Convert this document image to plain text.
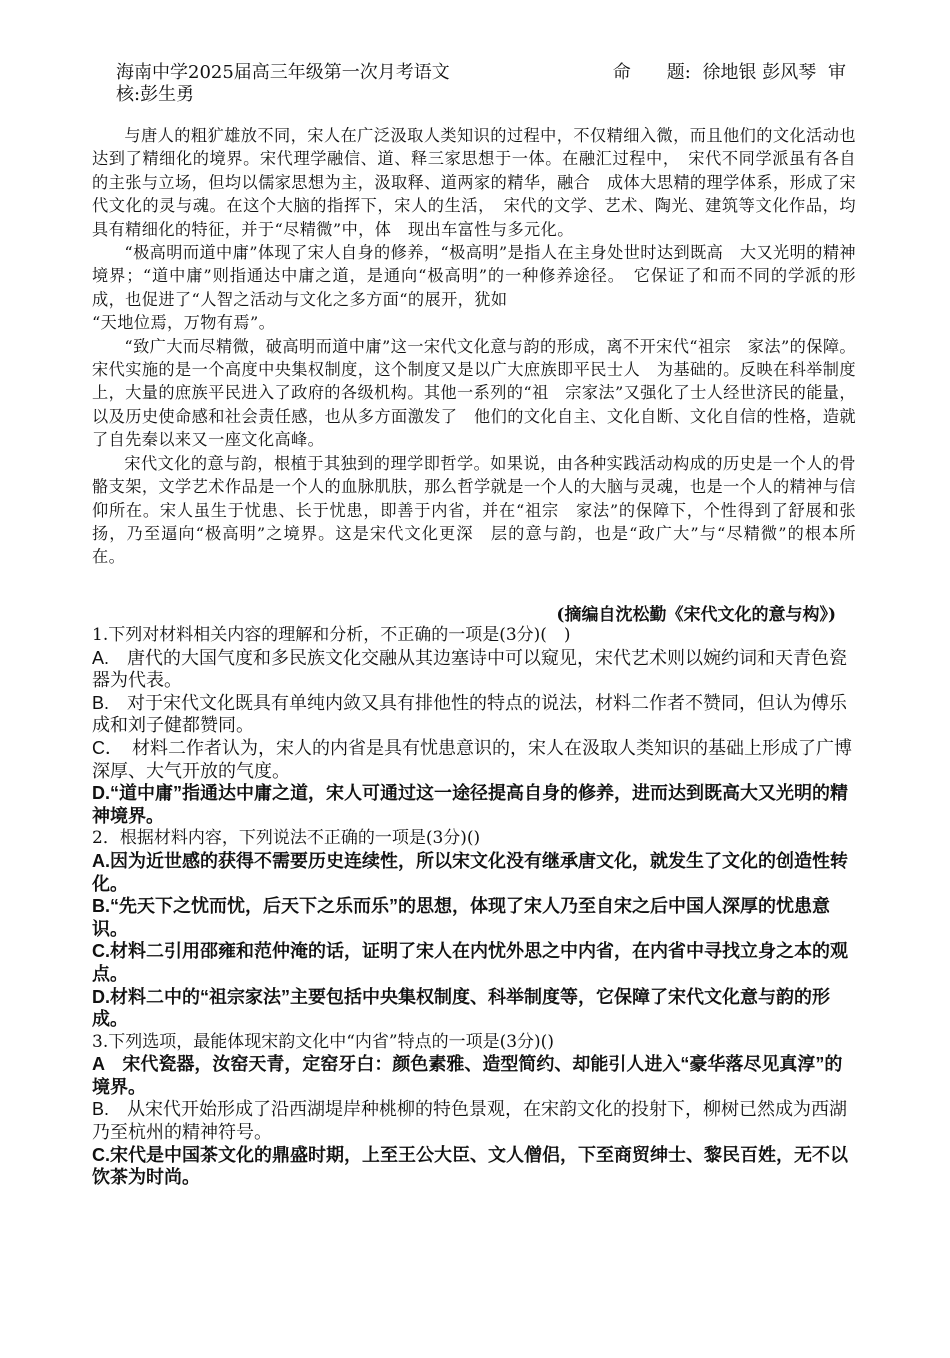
海南中学2025届高三年级第一次月考语文	命　　题: 徐地银 彭风琴 审
核:彭生勇

与唐人的粗犷雄放不同，宋人在广泛汲取人类知识的过程中，不仅精细入微，而且他们的文化活动也达到了精细化的境界。宋代理学融信、道、释三家思想于一体。在融汇过程中，　宋代不同学派虽有各自的主张与立场，但均以儒家思想为主，汲取释、道两家的精华，融合　成体大思精的理学体系，形成了宋代文化的灵与魂。在这个大脑的指挥下，宋人的生活，　宋代的文学、艺术、陶光、建筑等文化作品，均具有精细化的特征，并于“尽精微”中，体　现出车富性与多元化。

“极高明而道中庸”体现了宋人自身的修养，“极高明”是指人在主身处世时达到既高　大又光明的精神境界；“道中庸”则指通达中庸之道，是通向“极高明”的一种修养途径。　它保证了和而不同的学派的形成，也促进了“人智之活动与文化之多方面“的展开，犹如

“天地位焉，万物有焉”。

“致广大而尽精微，破高明而道中庸”这一宋代文化意与韵的形成，离不开宋代“祖宗　家法”的保障。宋代实施的是一个高度中央集权制度，这个制度又是以广大庶族即平民士人　为基础的。反映在科举制度上，大量的庶族平民进入了政府的各级机构。其他一系列的“祖　宗家法”又强化了士人经世济民的能量，以及历史使命感和社会责任感，也从多方面激发了　他们的文化自主、文化自断、文化自信的性格，造就了自先秦以来又一座文化高峰。

宋代文化的意与韵，根植于其独到的理学即哲学。如果说，由各种实践活动构成的历史是一个人的骨骼支架，文学艺术作品是一个人的血脉肌肤，那么哲学就是一个人的大脑与灵魂，也是一个人的精神与信仰所在。宋人虽生于忧患、长于忧患，即善于内省，并在“祖宗　家法”的保障下，个性得到了舒展和张扬，乃至逼向“极高明”之境界。这是宋代文化更深　层的意与韵，也是“政广大”与“尽精微”的根本所在。

(摘编自沈松勤《宋代文化的意与构》)

1.下列对材料相关内容的理解和分析，不正确的一项是(3分)(　)

A.　唐代的大国气度和多民族文化交融从其边塞诗中可以窥见，宋代艺术则以婉约词和天青色瓷器为代表。

B.　对于宋代文化既具有单纯内敛又具有排他性的特点的说法，材料二作者不赞同，但认为傅乐成和刘子健都赞同。

C．　材料二作者认为，宋人的内省是具有忧患意识的，宋人在汲取人类知识的基础上形成了广博深厚、大气开放的气度。

D.“道中庸”指通达中庸之道，宋人可通过这一途径提高自身的修养，进而达到既高大又光明的精神境界。

2．根据材料内容，下列说法不正确的一项是(3分)()

A.因为近世感的获得不需要历史连续性，所以宋文化没有继承唐文化，就发生了文化的创造性转化。

B.“先天下之忧而忧，后天下之乐而乐”的思想，体现了宋人乃至自宋之后中国人深厚的忧患意识。

C.材料二引用邵雍和范仲淹的话，证明了宋人在内忧外思之中内省，在内省中寻找立身之本的观点。

D.材料二中的“祖宗家法”主要包括中央集权制度、科举制度等，它保障了宋代文化意与韵的形成。

3.下列选项，最能体现宋韵文化中“内省”特点的一项是(3分)()

A　宋代瓷器，汝窑天青，定窑牙白：颜色素雅、造型简约、却能引人进入“豪华落尽见真淳”的境界。

B.　从宋代开始形成了沿西湖堤岸种桃柳的特色景观，在宋韵文化的投射下，柳树已然成为西湖乃至杭州的精神符号。

C.宋代是中国茶文化的鼎盛时期，上至王公大臣、文人僧侣，下至商贸绅士、黎民百姓，无不以饮茶为时尚。
